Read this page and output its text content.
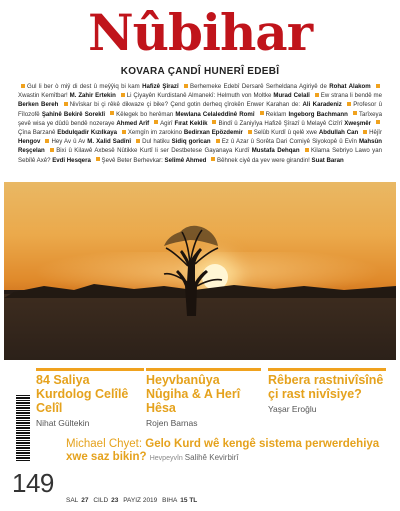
Nûbihar
KOVARA ÇANDÎ HUNERÎ EDEBÎ
Gul li ber ò miŷ di dest û meŷŷiq bi kam Hafizê Şîrazî Berhemeke Edebî Dersarê Serheldana Agiriyê de Rohat Alakom Xwastin Kemîtbar! M. Zahir Ertekin Li Çiyayên Kurdistanê Almanekî: Helmuth von Moltke Murad Celalî Ew strana li bendê me Berken Bereh Nivîskar bi çi rêkê dikwaze çi bike? Çend gotin derheq çîrokên Enwer Karahan de: Ali Karadeniz Profesor û Fîlozofê Şahînê Bekirê Soreklî Kêlegek bo herêman Mewlana Celaleddînê Romî Reklam Ingeborg Bachmann Tarîxeya şevê wisa ye dûdû bendê nozeraye Ahmed Arîf Agirî Fırat Keklik Bindî û Zaniyîya Hafizê Şîrazî û Melayê Cizîrî Xweşmêr Çîna Barzanê Ebdulqadir Kızılkaya Xemgîn im zarokino Bedirxan Epözdemir Selûb Kurdî û qelê xwe Abdullah Can Hêjîr Hengov Hey Av û Av M. Xalid Sadînî Dul hatiku Sidiq gorîcan Ez û Azar û Sorêta Dari Comiyê Siyokopê û Evîn Mahsûn Reşçelan Bixi û Kilawê Axbesê Nûtikke Kurtî li ser Destbetese Gayanaya Kurdî Mustafa Dehqan Kilama Sebriyo Lawo yan Sebîlê Axê? Evdî Hesqera Şevê Beter Berhevkar: Selîmê Ahmed Bêhnek ciyê da yev were girandin! Suat Baran
84 Saliya Kurdolog Celîlê Celîl
Nihat Gültekin
Heyvbanûya Nûgiha & A Herî Hêsa
Rojen Barnas
Rêbera rastnivîsînê çi rast nivîsiye?
Yaşar Eroğlu
Michael Chyet: Gelo Kurd wê kengê sistema perwerdehiya xwe saz bikin? Hevpeyvîn Salihê Kevirbirî
149
SAL 27 CILD 23 PAYIZ 2019 BIHA 15 TL
